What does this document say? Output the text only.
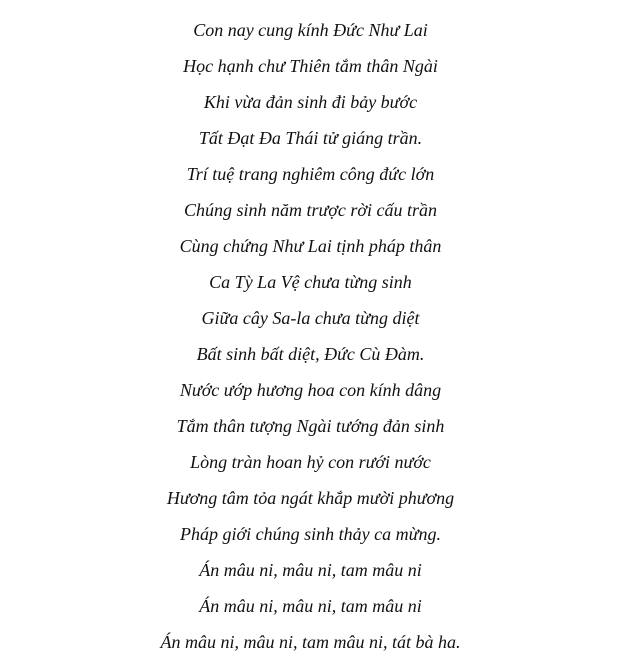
Con nay cung kính Đức Như Lai
Học hạnh chư Thiên tắm thân Ngài
Khi vừa đản sinh đi bảy bước
Tất Đạt Đa Thái tử giáng trần.
Trí tuệ trang nghiêm công đức lớn
Chúng sinh năm trược rời cấu trần
Cùng chứng Như Lai tịnh pháp thân
Ca Tỳ La Vệ chưa từng sinh
Giữa cây Sa-la chưa từng diệt
Bất sinh bất diệt, Đức Cù Đàm.
Nước ướp hương hoa con kính dâng
Tắm thân tượng Ngài tướng đản sinh
Lòng tràn hoan hỷ con rưới nước
Hương tâm tỏa ngát khắp mười phương
Pháp giới chúng sinh thảy ca mừng.
Án mâu ni, mâu ni, tam mâu ni
Án mâu ni, mâu ni, tam mâu ni
Án mâu ni, mâu ni, tam mâu ni, tát bà ha.
